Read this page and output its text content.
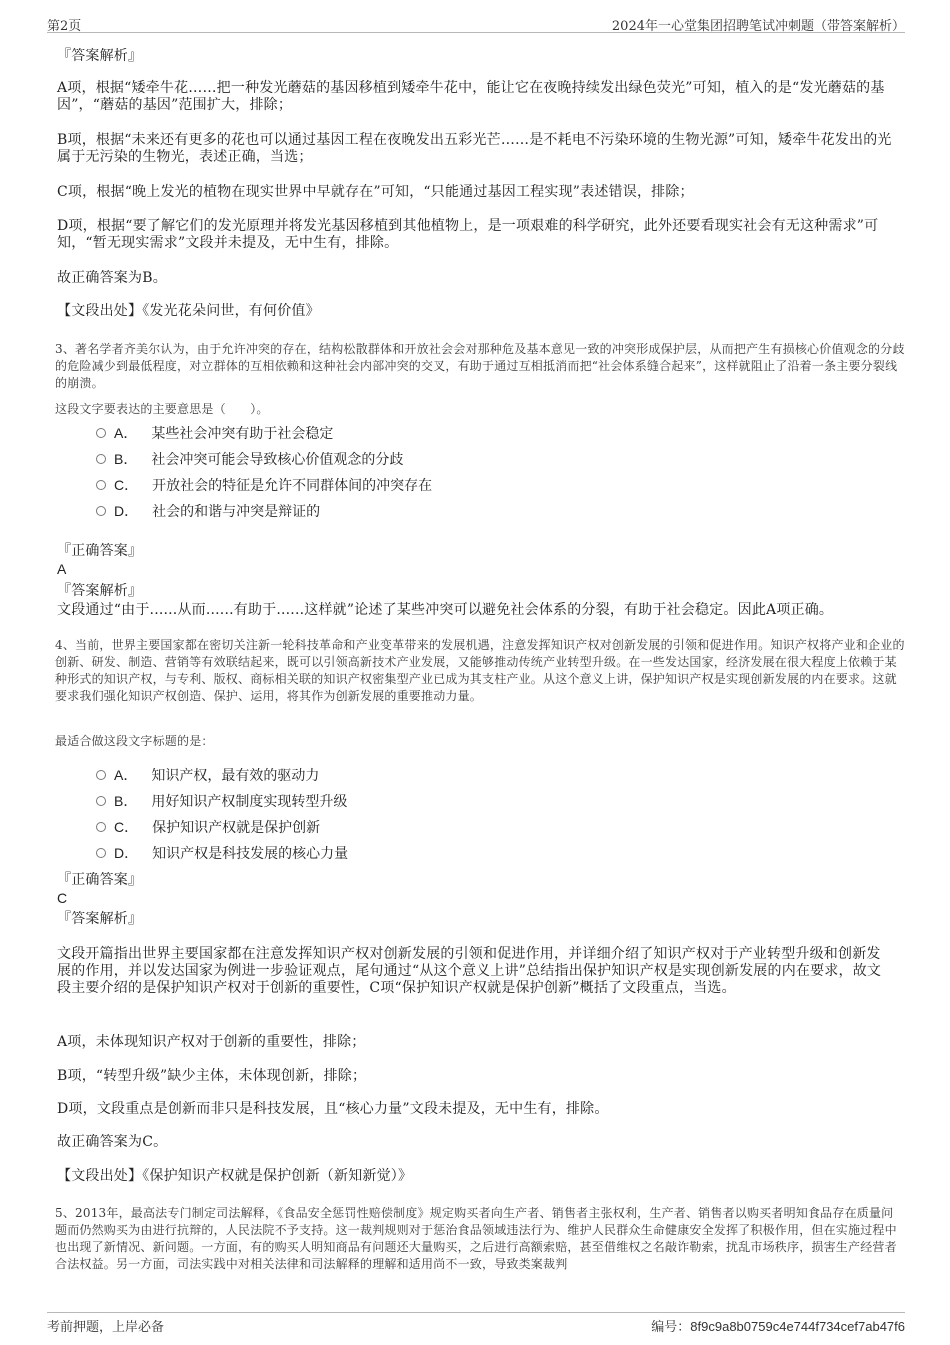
第2页	2024年一心堂集团招聘笔试冲刺题（带答案解析）

『答案解析』

A项，根据“矮牵牛花……把一种发光蘑菇的基因移植到矮牵牛花中，能让它在夜晚持续发出绿色荧光”可知，植入的是“发光蘑菇的基因”，“蘑菇的基因”范围扩大，排除；

B项，根据“未来还有更多的花也可以通过基因工程在夜晚发出五彩光芒……是不耗电不污染环境的生物光源”可知，矮牵牛花发出的光属于无污染的生物光，表述正确，当选；

C项，根据“晚上发光的植物在现实世界中早就存在”可知，“只能通过基因工程实现”表述错误，排除；

D项，根据“要了解它们的发光原理并将发光基因移植到其他植物上，是一项艰难的科学研究，此外还要看现实社会有无这种需求”可知，“暂无现实需求”文段并未提及，无中生有，排除。

故正确答案为B。

【文段出处】《发光花朵问世，有何价值》

3、著名学者齐美尔认为，由于允许冲突的存在，结构松散群体和开放社会会对那种危及基本意见一致的冲突形成保护层，从而把产生有损核心价值观念的分歧的危险减少到最低程度，对立群体的互相依赖和这种社会内部冲突的交叉，有助于通过互相抵消而把“社会体系缝合起来”，这样就阻止了沿着一条主要分裂线的崩溃。

这段文字要表达的主要意思是（　　）。

A． 某些社会冲突有助于社会稳定
B． 社会冲突可能会导致核心价值观念的分歧
C． 开放社会的特征是允许不同群体间的冲突存在
D． 社会的和谐与冲突是辩证的

『正确答案』

A

『答案解析』

文段通过“由于......从而......有助于......这样就”论述了某些冲突可以避免社会体系的分裂，有助于社会稳定。因此A项正确。

4、当前，世界主要国家都在密切关注新一轮科技革命和产业变革带来的发展机遇，注意发挥知识产权对创新发展的引领和促进作用。知识产权将产业和企业的创新、研发、制造、营销等有效联结起来，既可以引领高新技术产业发展，又能够推动传统产业转型升级。在一些发达国家，经济发展在很大程度上依赖于某种形式的知识产权，与专利、版权、商标相关联的知识产权密集型产业已成为其支柱产业。从这个意义上讲，保护知识产权是实现创新发展的内在要求。这就要求我们强化知识产权创造、保护、运用，将其作为创新发展的重要推动力量。

最适合做这段文字标题的是：

A． 知识产权，最有效的驱动力
B． 用好知识产权制度实现转型升级
C． 保护知识产权就是保护创新
D． 知识产权是科技发展的核心力量

『正确答案』

C

『答案解析』

文段开篇指出世界主要国家都在注意发挥知识产权对创新发展的引领和促进作用，并详细介绍了知识产权对于产业转型升级和创新发展的作用，并以发达国家为例进一步验证观点，尾句通过“从这个意义上讲”总结指出保护知识产权是实现创新发展的内在要求，故文段主要介绍的是保护知识产权对于创新的重要性，C项“保护知识产权就是保护创新”概括了文段重点，当选。

A项，未体现知识产权对于创新的重要性，排除；

B项，“转型升级”缺少主体，未体现创新，排除；

D项，文段重点是创新而非只是科技发展，且“核心力量”文段未提及，无中生有，排除。

故正确答案为C。

【文段出处】《保护知识产权就是保护创新（新知新觉）》

5、2013年，最高法专门制定司法解释，《食品安全惩罚性赔偿制度》规定购买者向生产者、销售者主张权利，生产者、销售者以购买者明知食品存在质量问题而仍然购买为由进行抗辩的，人民法院不予支持。这一裁判规则对于惩治食品领域违法行为、维护人民群众生命健康安全发挥了积极作用，但在实施过程中也出现了新情况、新问题。一方面，有的购买人明知商品有问题还大量购买，之后进行高额索赔，甚至借维权之名敲诈勒索，扰乱市场秩序，损害生产经营者合法权益。另一方面，司法实践中对相关法律和司法解释的理解和适用尚不一致，导致类案裁判

考前押题，上岸必备	编号：8f9c9a8b0759c4e744f734cef7ab47f6
